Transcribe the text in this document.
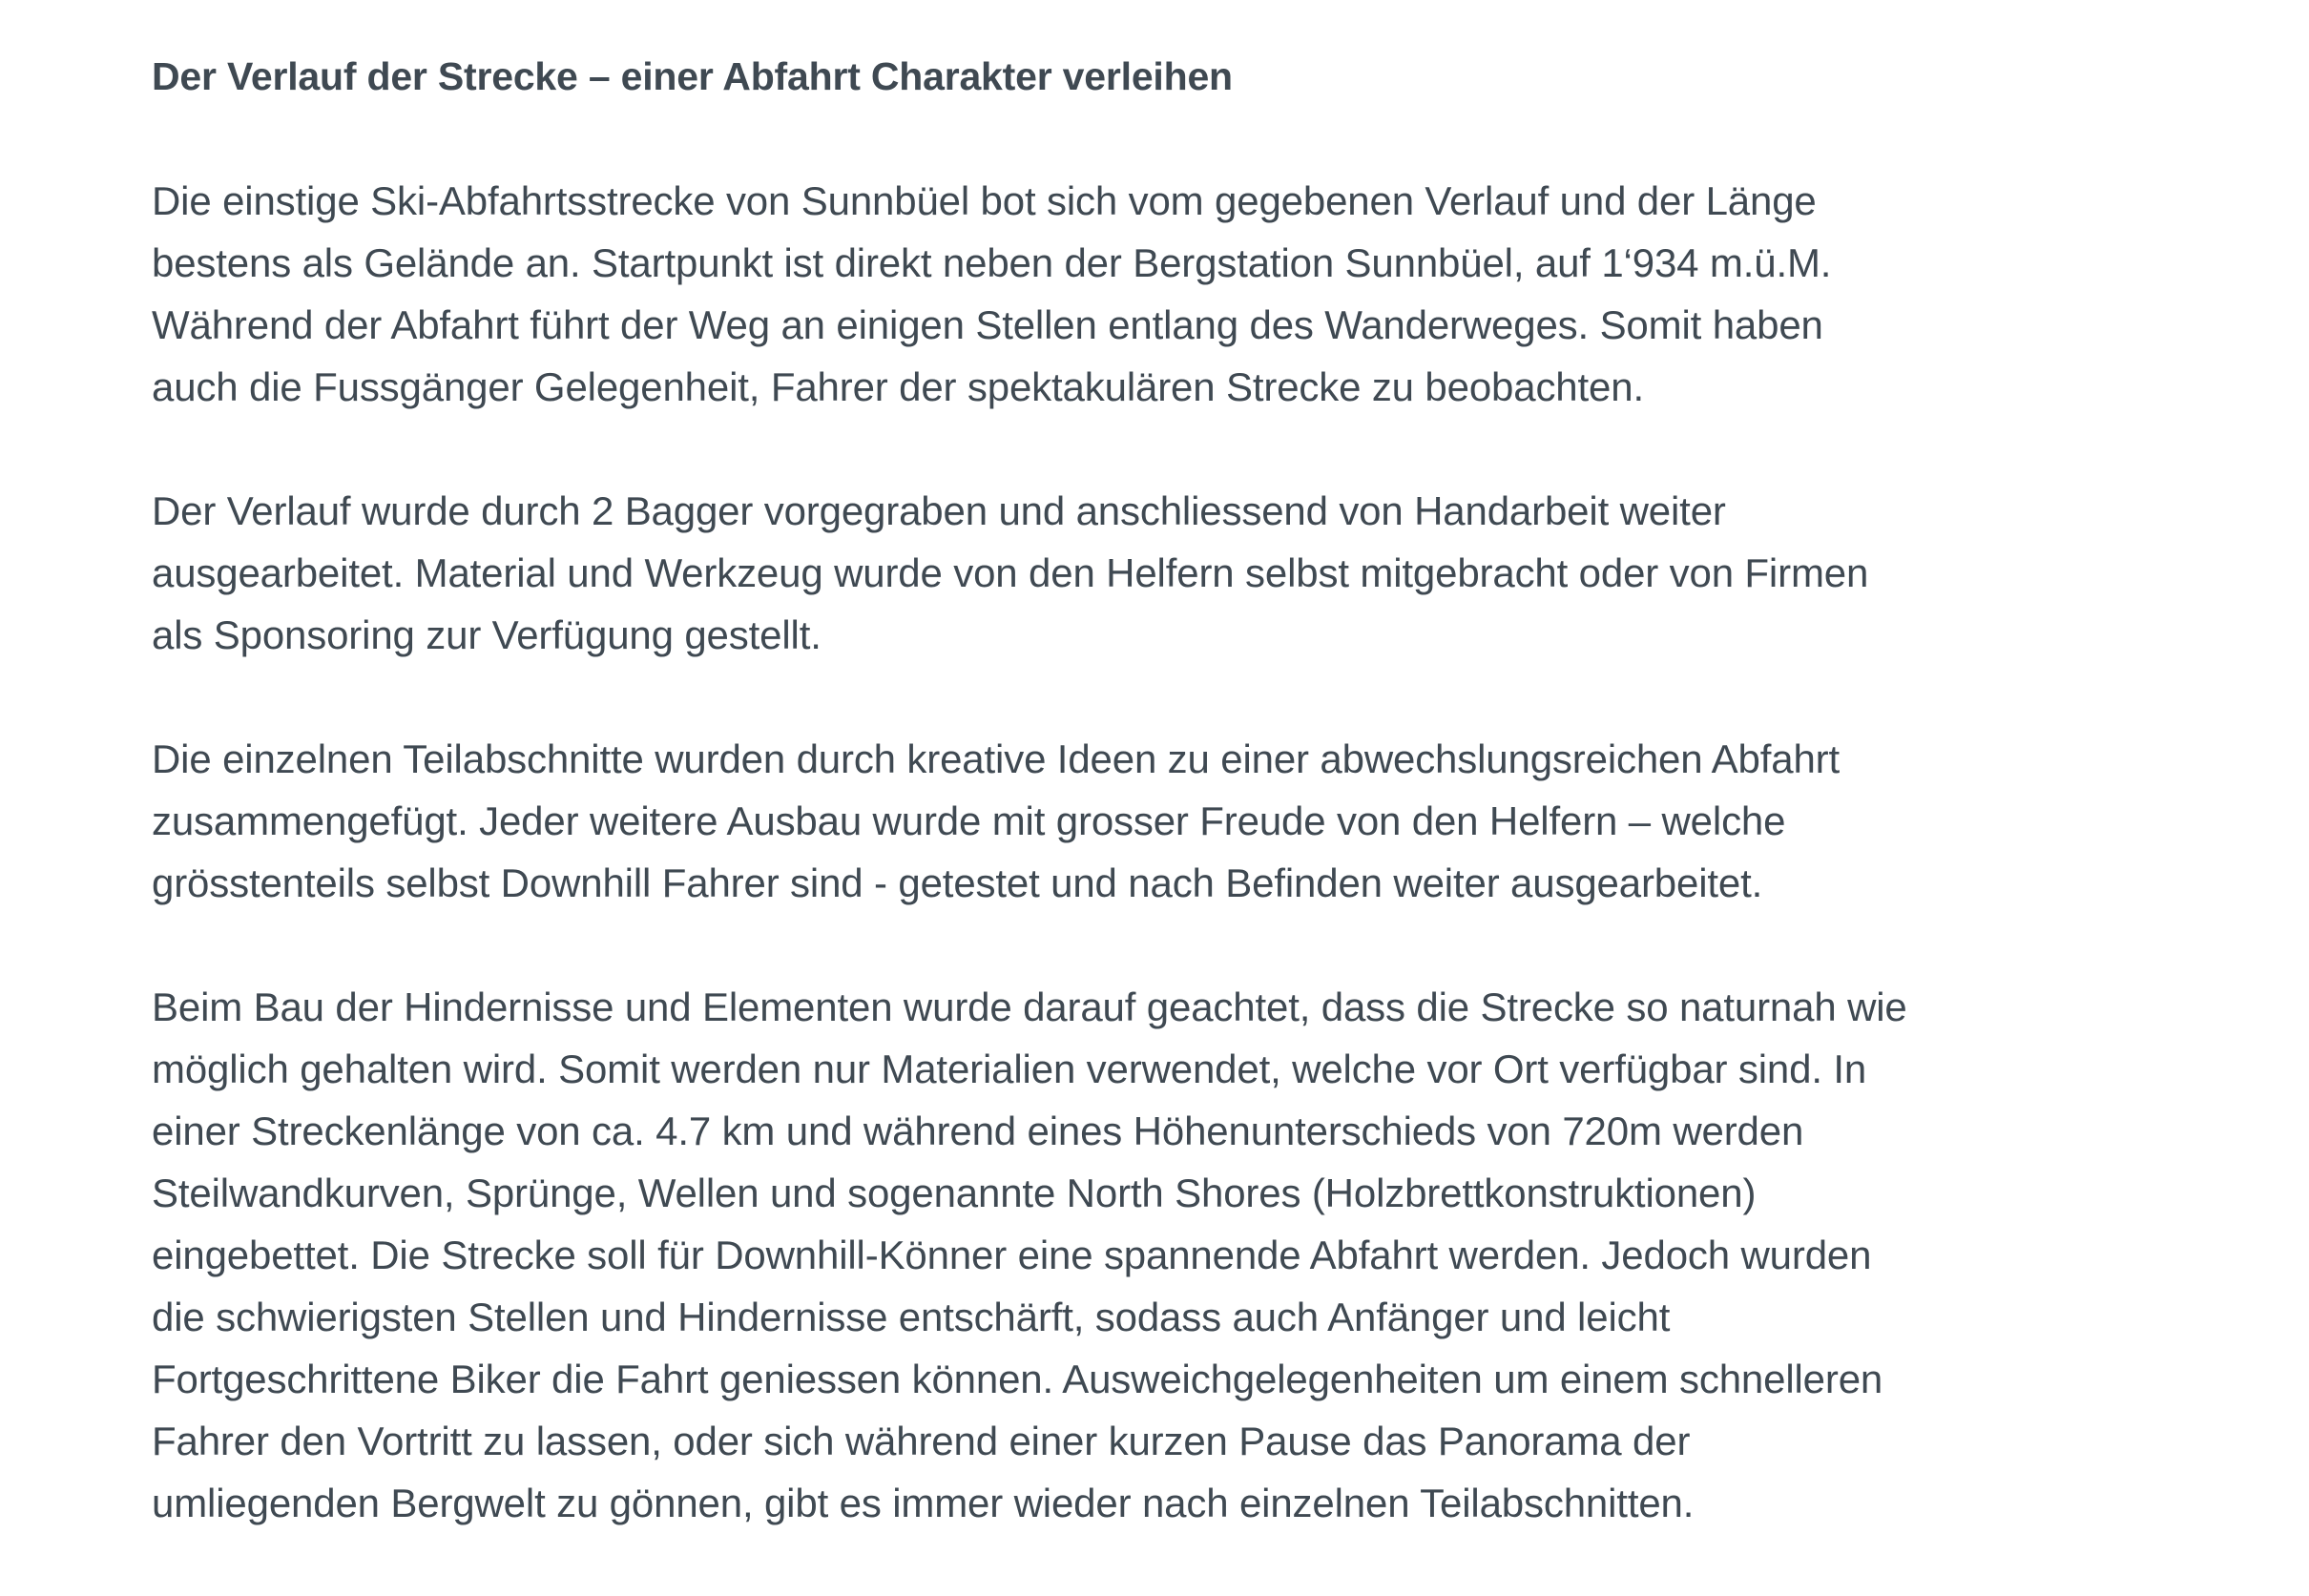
Der Verlauf der Strecke – einer Abfahrt Charakter verleihen
Die einstige Ski-Abfahrtsstrecke von Sunnbüel bot sich vom gegebenen Verlauf und der Länge
bestens als Gelände an. Startpunkt ist direkt neben der Bergstation Sunnbüel, auf 1‘934 m.ü.M.
Während der Abfahrt führt der Weg an einigen Stellen entlang des Wanderweges. Somit haben
auch die Fussgänger Gelegenheit, Fahrer der spektakulären Strecke zu beobachten.
Der Verlauf wurde durch 2 Bagger vorgegraben und anschliessend von Handarbeit weiter
ausgearbeitet. Material und Werkzeug wurde von den Helfern selbst mitgebracht oder von Firmen
als Sponsoring zur Verfügung gestellt.
Die einzelnen Teilabschnitte wurden durch kreative Ideen zu einer abwechslungsreichen Abfahrt
zusammengefügt. Jeder weitere Ausbau wurde mit grosser Freude von den Helfern – welche
grösstenteils selbst Downhill Fahrer sind - getestet und nach Befinden weiter ausgearbeitet.
Beim Bau der Hindernisse und Elementen wurde darauf geachtet, dass die Strecke so naturnah wie
möglich gehalten wird. Somit werden nur Materialien verwendet, welche vor Ort verfügbar sind. In
einer Streckenlänge von ca. 4.7 km und während eines Höhenunterschieds von 720m werden
Steilwandkurven, Sprünge, Wellen und sogenannte North Shores (Holzbrettkonstruktionen)
eingebettet. Die Strecke soll für Downhill-Könner eine spannende Abfahrt werden. Jedoch wurden
die schwierigsten Stellen und Hindernisse entschärft, sodass auch Anfänger und leicht
Fortgeschrittene Biker die Fahrt geniessen können. Ausweichgelegenheiten um einem schnelleren
Fahrer den Vortritt zu lassen, oder sich während einer kurzen Pause das Panorama der
umliegenden Bergwelt zu gönnen, gibt es immer wieder nach einzelnen Teilabschnitten.
